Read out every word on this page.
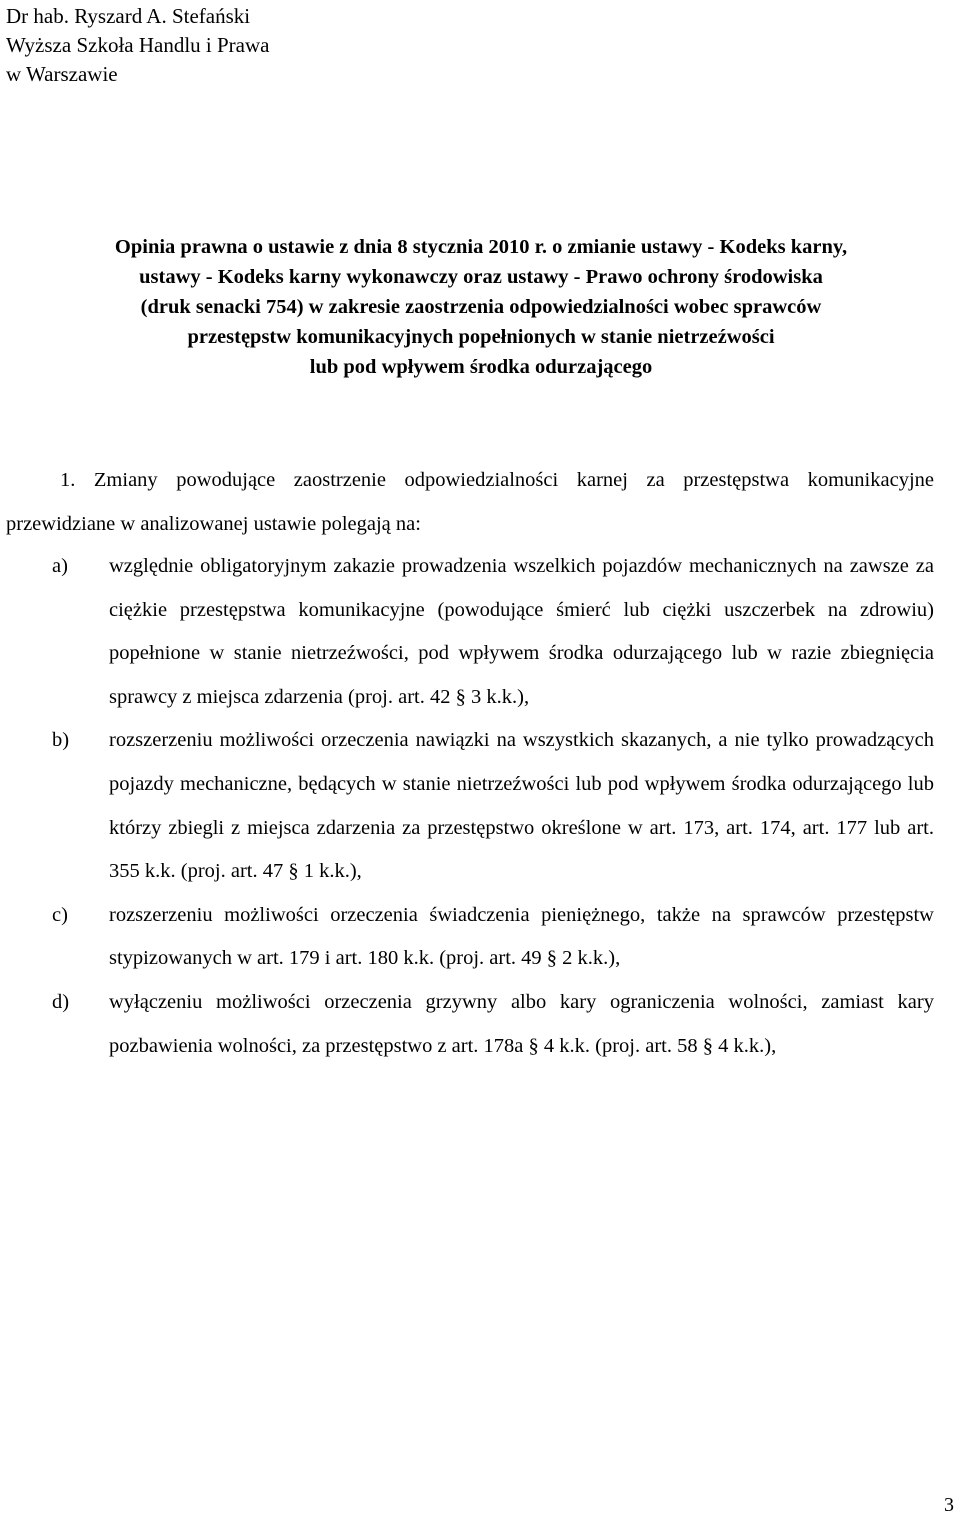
Dr hab. Ryszard A. Stefański
Wyższa Szkoła Handlu i Prawa
w Warszawie
Opinia prawna o ustawie z dnia 8 stycznia 2010 r. o zmianie ustawy - Kodeks karny,
ustawy - Kodeks karny wykonawczy oraz ustawy - Prawo ochrony środowiska
(druk senacki 754) w zakresie zaostrzenia odpowiedzialności wobec sprawców
przestępstw komunikacyjnych popełnionych w stanie nietrzeźwości
lub pod wpływem środka odurzającego
1. Zmiany powodujące zaostrzenie odpowiedzialności karnej za przestępstwa komunikacyjne przewidziane w analizowanej ustawie polegają na:
a) względnie obligatoryjnym zakazie prowadzenia wszelkich pojazdów mechanicznych na zawsze za ciężkie przestępstwa komunikacyjne (powodujące śmierć lub ciężki uszczerbek na zdrowiu) popełnione w stanie nietrzeźwości, pod wpływem środka odurzającego lub w razie zbiegnięcia sprawcy z miejsca zdarzenia (proj. art. 42 § 3 k.k.),
b) rozszerzeniu możliwości orzeczenia nawiązki na wszystkich skazanych, a nie tylko prowadzących pojazdy mechaniczne, będących w stanie nietrzeźwości lub pod wpływem środka odurzającego lub którzy zbiegli z miejsca zdarzenia za przestępstwo określone w art. 173, art. 174, art. 177 lub art. 355 k.k. (proj. art. 47 § 1 k.k.),
c) rozszerzeniu możliwości orzeczenia świadczenia pieniężnego, także na sprawców przestępstw stypizowanych w art. 179 i art. 180 k.k. (proj. art. 49 § 2 k.k.),
d) wyłączeniu możliwości orzeczenia grzywny albo kary ograniczenia wolności, zamiast kary pozbawienia wolności, za przestępstwo z art. 178a § 4 k.k. (proj. art. 58 § 4 k.k.),
3
